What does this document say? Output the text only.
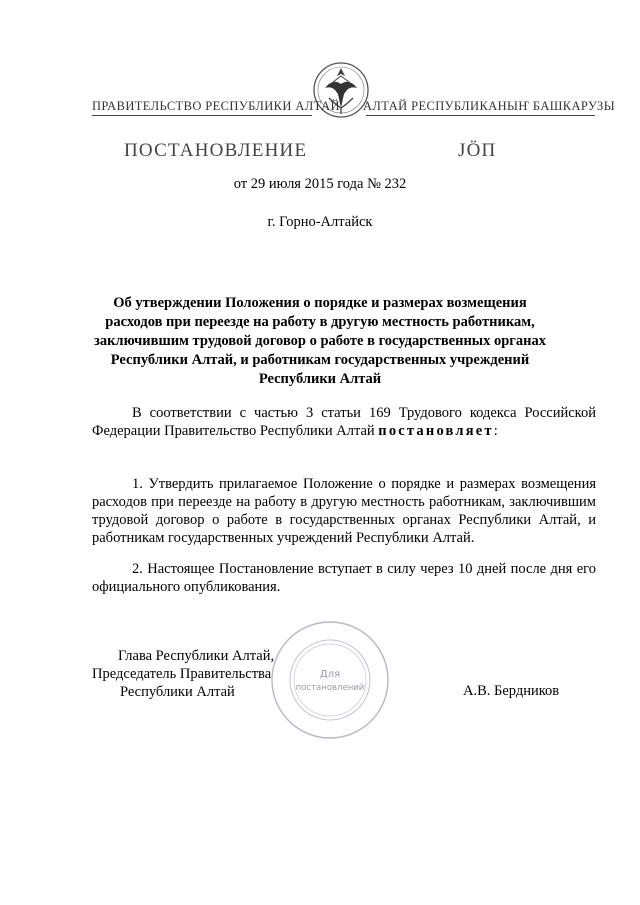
ПРАВИТЕЛЬСТВО РЕСПУБЛИКИ АЛТАЙ АЛТАЙ РЕСПУБЛИКАНЫҤ БАШКАРУЗЫ
ПОСТАНОВЛЕНИЕ	ЈӦП
от 29 июля 2015 года № 232
г. Горно-Алтайск
Об утверждении Положения о порядке и размерах возмещения расходов при переезде на работу в другую местность работникам, заключившим трудовой договор о работе в государственных органах Республики Алтай, и работникам государственных учреждений Республики Алтай
В соответствии с частью 3 статьи 169 Трудового кодекса Российской Федерации Правительство Республики Алтай постановляет:
1. Утвердить прилагаемое Положение о порядке и размерах возмещения расходов при переезде на работу в другую местность работникам, заключившим трудовой договор о работе в государственных органах Республики Алтай, и работникам государственных учреждений Республики Алтай.
2. Настоящее Постановление вступает в силу через 10 дней после дня его официального опубликования.
Для
постановлений
Глава Республики Алтай,
Председатель Правительства
Республики Алтай	А.В. Бердников
